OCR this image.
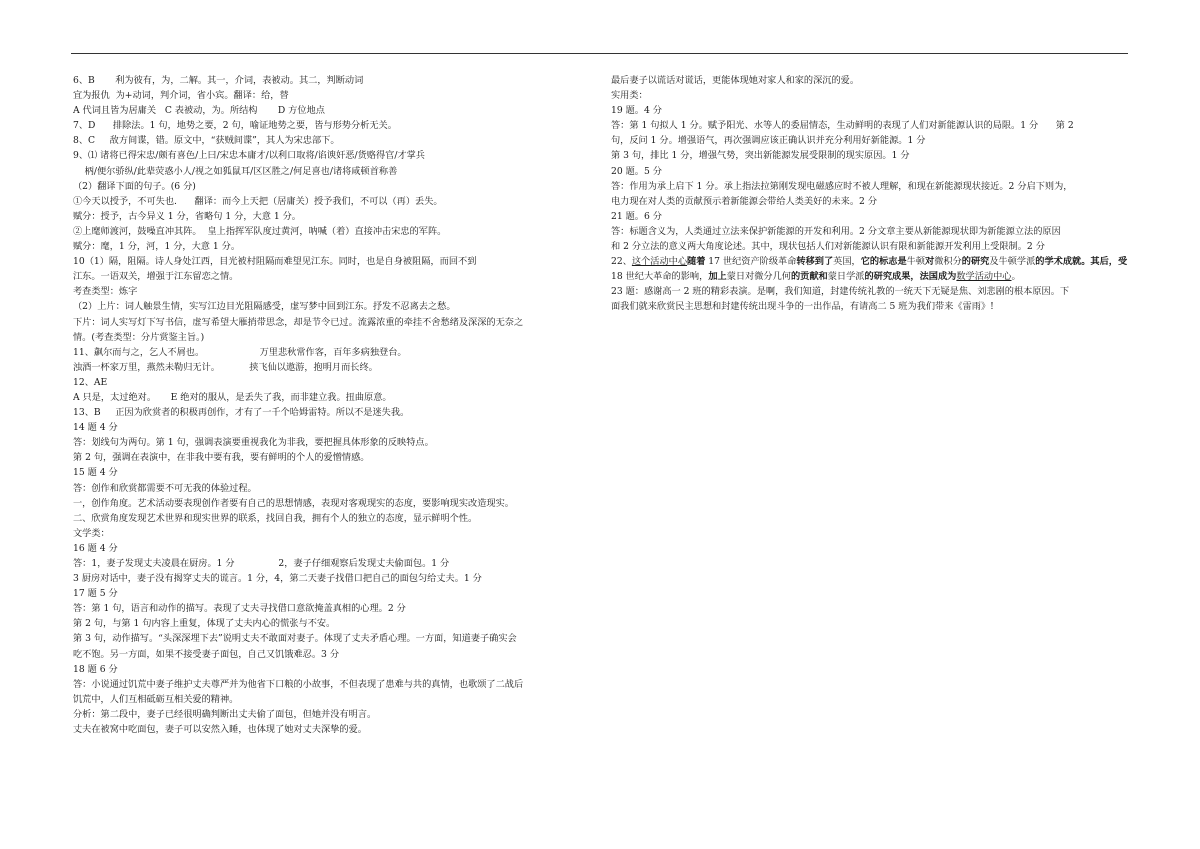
6、B       利为彼有，为，二解。其一，介词，表被动。其二，判断动词
宜为报仇  为+动词，判介词，省小宾。翻译：给，替
A 代词且皆为居庸关   C 表被动，为。所结构       D 方位地点
7、D      排除法。1 句，地势之要，2 句，喻证地势之要，皆与形势分析无关。
8、C     敌方间谍，错。原文中，“获贼间谍”，其人为宋忠部下。
9、⑴ 诸将已得宋忠/颇有喜色/上曰/宋忠本庸才/以利口取将/谄谀奸恶/货赂得官/才掌兵
柄/便尔骄纵/此辈荧惑小人/视之如狐鼠耳/区区胜之/何足喜也/诸将咸顿首称善
（2）翻译下面的句子。(6 分)
①今天以授予，不可失也.      翻译：而今上天把（居庸关）授予我们，不可以（再）丢失。
赋分：授予，古今异义 1 分，省略句 1 分，大意 1 分。
②上麾师渡河，鼓噪直冲其阵。  皇上指挥军队度过黄河，呐喊（着）直接冲击宋忠的军阵。
赋分：麾，1 分，河，1 分，大意 1 分。
10（1）隔，阻隔。诗人身处江西，目光被村阻隔而难望见江东。同时，也是自身被阻隔，而回不到
江东。一语双关，增强于江东留恋之情。
考查类型：炼字
（2）上片：词人触景生情，实写江边目光阻隔感受，虚写梦中回到江东。抒发不忍离去之愁。
下片：词人实写灯下写书信，虚写希望大雁捎带思念，却是节令已过。流露浓重的牵挂不舍愁绪及深深的无奈之
情。(考查类型：分片赏鉴主旨。)
11、飙尔而与之，乞人不屑也。                   万里悲秋常作客，百年多病独登台。
浊酒一杯家万里，燕然未勒归无计。          挟飞仙以遨游，抱明月而长终。
12、AE
A 只是，太过绝对。     E 绝对的服从，是丢失了我，而非建立我。扭曲原意。
13、B     正因为欣赏者的积极再创作，才有了一千个哈姆雷特。所以不是迷失我。
14 题 4 分
答：划线句为两句。第 1 句，强调表演要重视我化为非我，要把握具体形象的反映特点。
第 2 句，强调在表演中，在非我中要有我，要有鲜明的个人的爱憎情感。
15 题 4 分
答：创作和欣赏都需要不可无我的体验过程。
一，创作角度。艺术活动要表现创作者要有自己的思想情感，表现对客观现实的态度，要影响现实改造现实。
二、欣赏角度发现艺术世界和现实世界的联系，找回自我，拥有个人的独立的态度，显示鲜明个性。
文学类：
16 题 4 分
答：1，妻子发现丈夫凌晨在厨房。1 分               2，妻子仔细观察后发现丈夫偷面包。1 分
3 厨房对话中，妻子没有揭穿丈夫的谎言。1 分，4，第二天妻子找借口把自己的面包匀给丈夫。1 分
17 题 5 分
答：第 1 句，语言和动作的描写。表现了丈夫寻找借口意欲掩盖真相的心理。2 分
第 2 句，与第 1 句内容上重复，体现了丈夫内心的慌张与不安。
第 3 句，动作描写。“头深深埋下去”说明丈夫不敢面对妻子。体现了丈夫矛盾心理。一方面，知道妻子确实会
吃不饱。另一方面，如果不接受妻子面包，自己又饥饿难忍。3 分
18 题 6 分
答：小说通过饥荒中妻子维护丈夫尊严并为他省下口粮的小故事，不但表现了患难与共的真情，也歌颂了二战后
饥荒中，人们互相砥砺互相关爱的精神。
分析：第二段中，妻子已经很明确判断出丈夫偷了面包，但她并没有明言。
丈夫在被窝中吃面包，妻子可以安然入睡，也体现了她对丈夫深挚的爱。
最后妻子以谎话对谎话，更能体现她对家人和家的深沉的爱。
实用类：
19 题。4 分
答：第 1 句拟人 1 分。赋予阳光、水等人的委屈情态，生动鲜明的表现了人们对新能源认识的局限。1 分      第 2
句，反问 1 分。增强语气，再次强调应该正确认识并充分利用好新能源。1 分
第 3 句，排比 1 分，增强气势，突出新能源发展受限制的现实原因。1 分
20 题。5 分
答：作用为承上启下 1 分。承上指法拉第刚发现电磁感应时不被人理解，和现在新能源现状接近。2 分启下则为，
电力现在对人类的贡献预示着新能源会带给人类美好的未来。2 分
21 题。6 分
答：标题含义为，人类通过立法来保护新能源的开发和利用。2 分文章主要从新能源现状即为新能源立法的原因
和 2 分立法的意义两大角度论述。其中，现状包括人们对新能源认识有限和新能源开发利用上受限制。2 分
22、这个活动中心随着 17 世纪资产阶级革命转移到了英国，它的标志是牛顿对微积分的研究及牛顿学派的学术成就。其后，受 18 世纪大革命的影响，加上蒙日对微分几何的贡献和蒙日学派的研究成果，法国成为数学活动中心。
23 题：感谢高一 2 班的精彩表演。是啊，我们知道，封建传统礼教的一统天下无疑是焦、刘悲剧的根本原因。下
面我们就来欣赏民主思想和封建传统出现斗争的一出作品，有请高二 5 班为我们带来《雷雨》!
